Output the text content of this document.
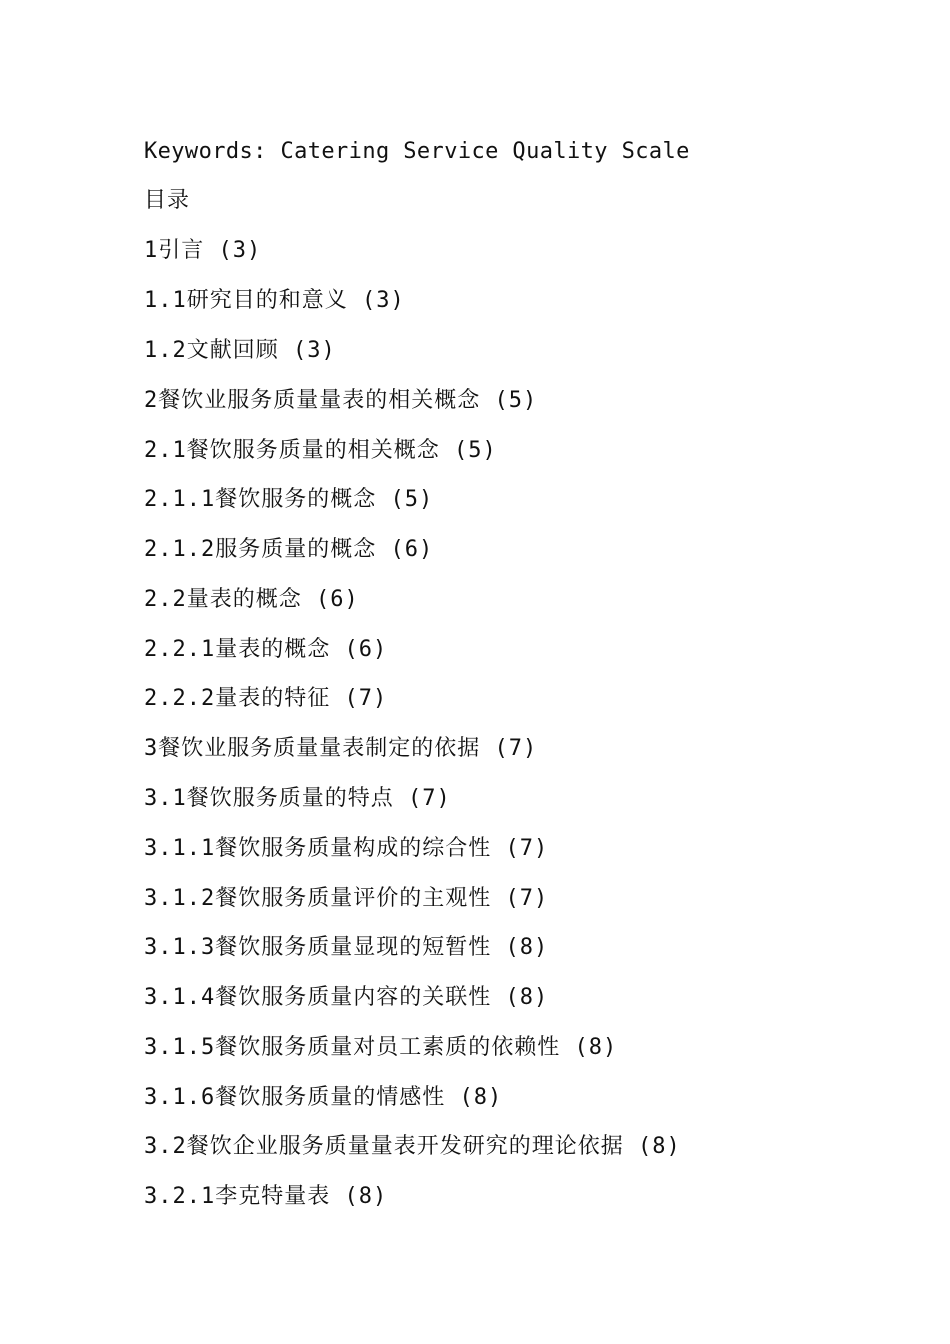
Keywords: Catering Service Quality Scale
目录
1引言 (3)
1.1研究目的和意义 (3)
1.2文献回顾 (3)
2餐饮业服务质量量表的相关概念 (5)
2.1餐饮服务质量的相关概念 (5)
2.1.1餐饮服务的概念 (5)
2.1.2服务质量的概念 (6)
2.2量表的概念 (6)
2.2.1量表的概念 (6)
2.2.2量表的特征 (7)
3餐饮业服务质量量表制定的依据 (7)
3.1餐饮服务质量的特点 (7)
3.1.1餐饮服务质量构成的综合性 (7)
3.1.2餐饮服务质量评价的主观性 (7)
3.1.3餐饮服务质量显现的短暂性 (8)
3.1.4餐饮服务质量内容的关联性 (8)
3.1.5餐饮服务质量对员工素质的依赖性 (8)
3.1.6餐饮服务质量的情感性 (8)
3.2餐饮企业服务质量量表开发研究的理论依据 (8)
3.2.1李克特量表 (8)
